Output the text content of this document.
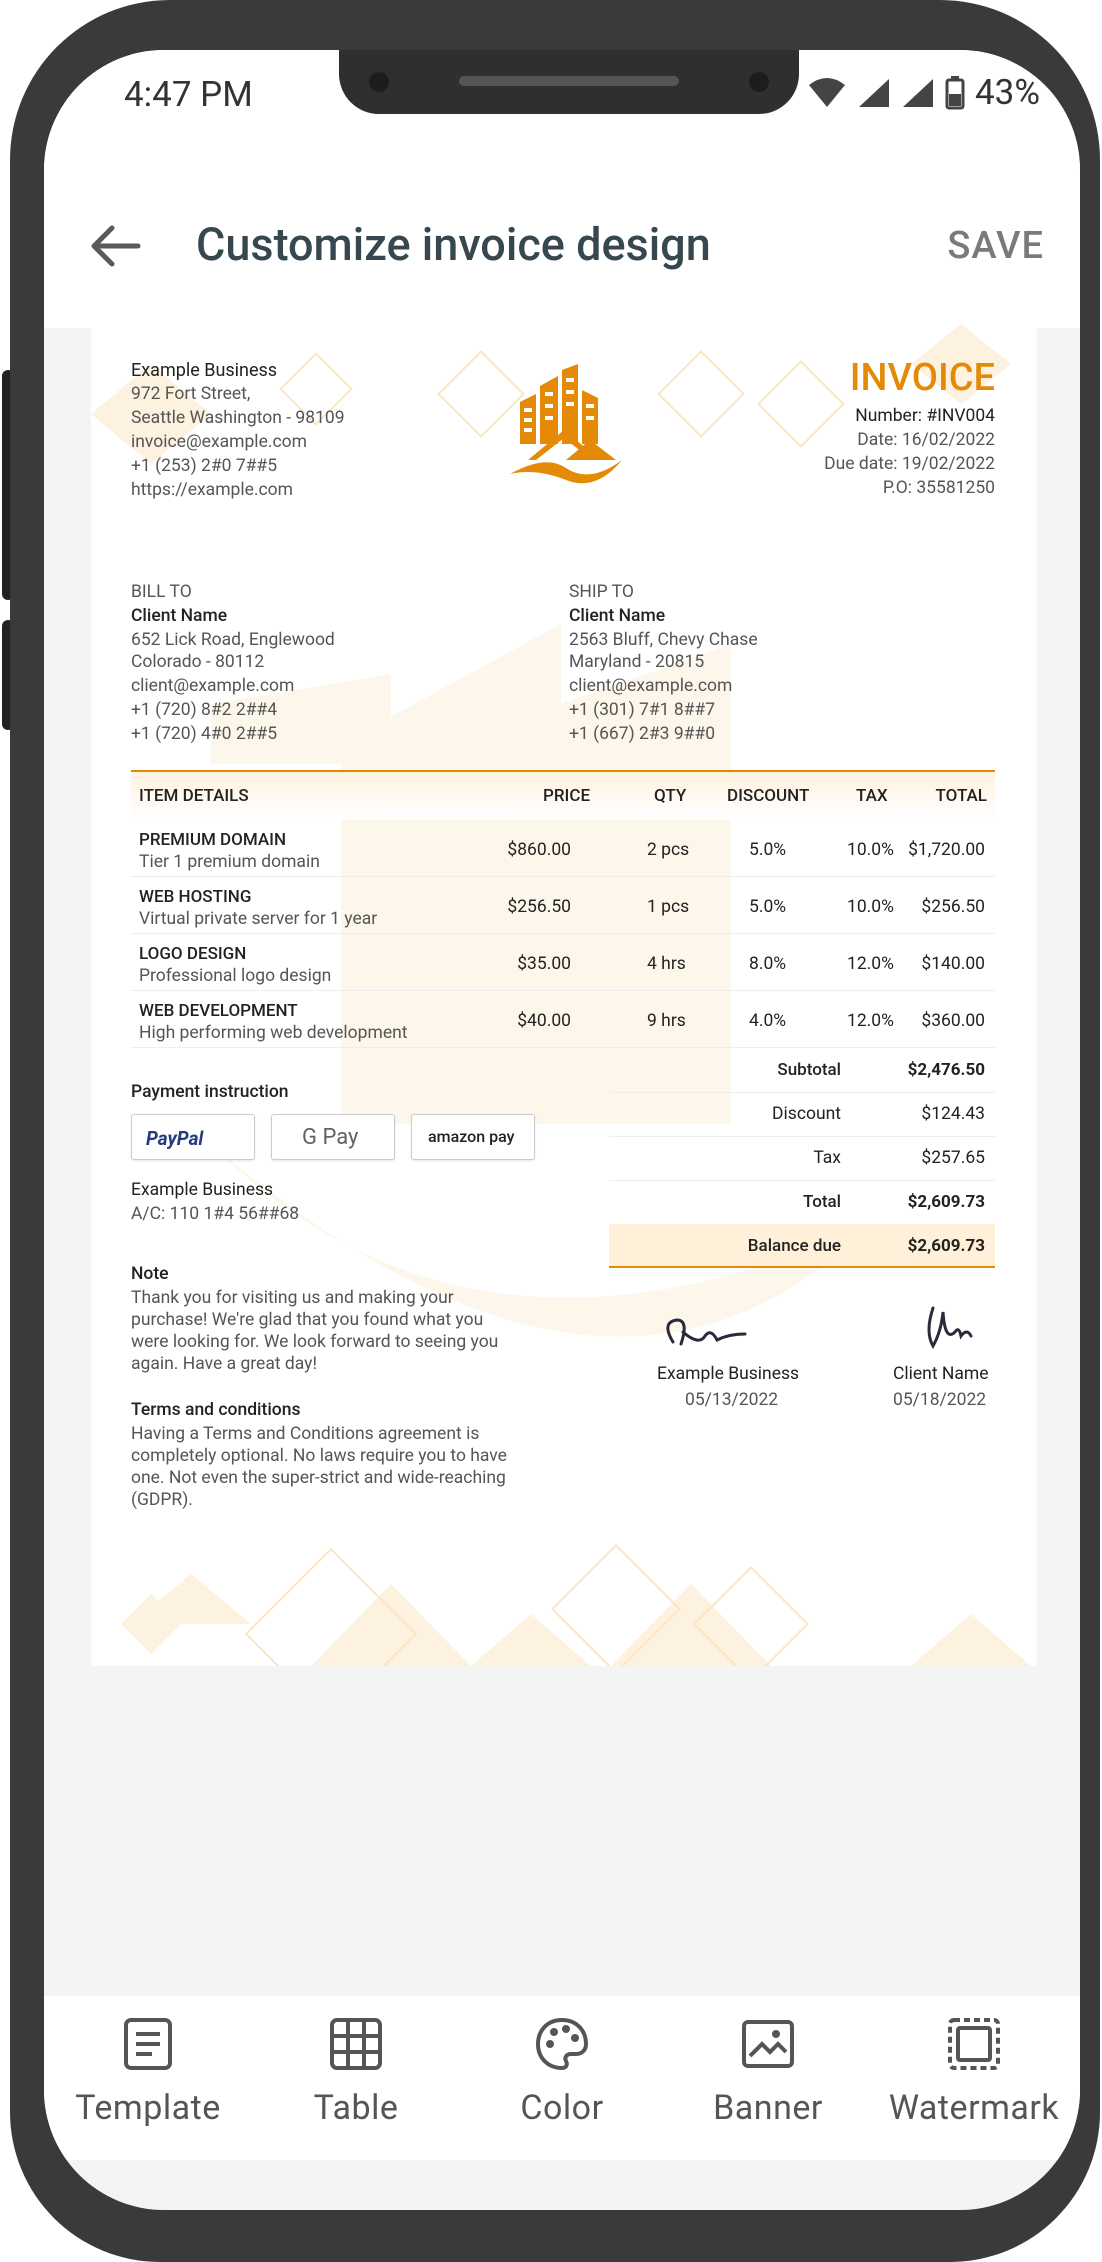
4:47 PM	43%
Customize invoice design	SAVE
Example Business
972 Fort Street,
Seattle Washington - 98109
invoice@example.com
+1 (253) 2#0 7##5
https://example.com
INVOICE
Number: #INV004
Date: 16/02/2022
Due date: 19/02/2022
P.O: 35581250
BILL TO
Client Name
652 Lick Road, Englewood
Colorado - 80112
client@example.com
+1 (720) 8#2 2##4
+1 (720) 4#0 2##5
SHIP TO
Client Name
2563 Bluff, Chevy Chase
Maryland - 20815
client@example.com
+1 (301) 7#1 8##7
+1 (667) 2#3 9##0
ITEM DETAILS	PRICE	QTY DISCOUNT	TAX	TOTAL
PREMIUM DOMAIN
Tier 1 premium domain
$860.00	2 pcs	5.0%	10.0% $1,720.00
WEB HOSTING
Virtual private server for 1 year
$256.50	1 pcs	5.0%	10.0% $256.50
LOGO DESIGN
Professional logo design
$35.00	4 hrs	8.0%	12.0% $140.00
WEB DEVELOPMENT
High performing web development
$40.00	9 hrs	4.0%	12.0% $360.00
Subtotal	$2,476.50
Discount	$124.43
Tax	$257.65
Total	$2,609.73
Balance due	$2,609.73
Payment instruction
PayPal	G Pay	amazon pay
Example Business
A/C: 110 1#4 56##68
Note
Thank you for visiting us and making your
purchase! We're glad that you found what you
were looking for. We look forward to seeing you
again. Have a great day!
Terms and conditions
Having a Terms and Conditions agreement is
completely optional. No laws require you to have
one. Not even the super-strict and wide-reaching
(GDPR).
Example Business
05/13/2022
Client Name
05/18/2022
Template	Table	Color	Banner	Watermark
